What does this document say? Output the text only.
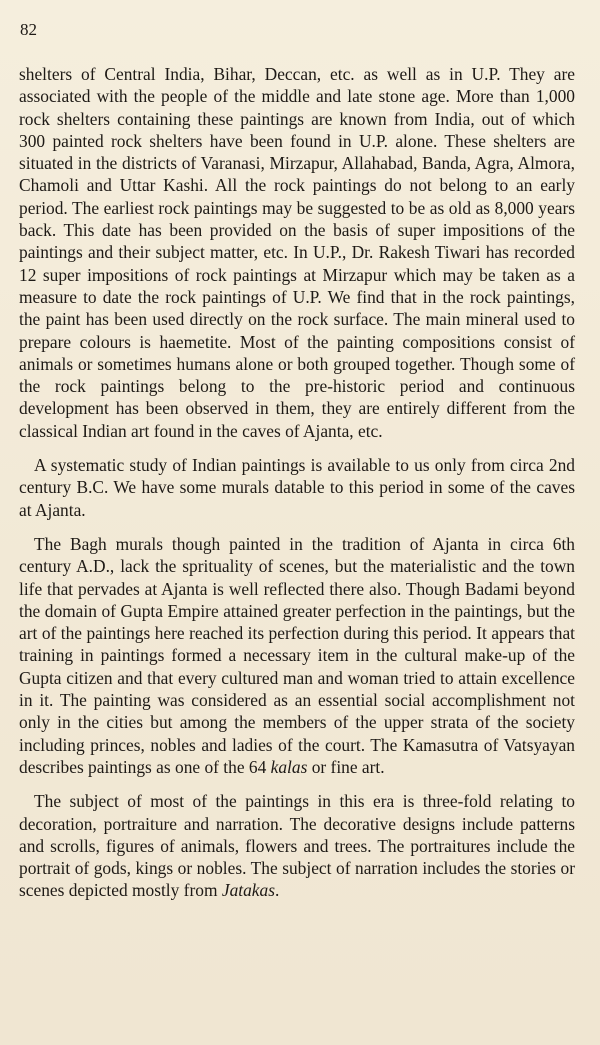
82

shelters of Central India, Bihar, Deccan, etc. as well as in U.P. They are associated with the people of the middle and late stone age. More than 1,000 rock shelters containing these paintings are known from India, out of which 300 painted rock shelters have been found in U.P. alone. These shelters are situated in the districts of Varanasi, Mirzapur, Allahabad, Banda, Agra, Almora, Chamoli and Uttar Kashi. All the rock paintings do not belong to an early period. The earliest rock paintings may be suggested to be as old as 8,000 years back. This date has been provided on the basis of super impositions of the paintings and their subject matter, etc. In U.P., Dr. Rakesh Tiwari has recorded 12 super impositions of rock paintings at Mirzapur which may be taken as a measure to date the rock paintings of U.P. We find that in the rock paintings, the paint has been used directly on the rock surface. The main mineral used to prepare colours is haemetite. Most of the painting compositions consist of animals or sometimes humans alone or both grouped together. Though some of the rock paintings belong to the pre-historic period and continuous development has been observed in them, they are entirely different from the classical Indian art found in the caves of Ajanta, etc.

A systematic study of Indian paintings is available to us only from circa 2nd century B.C. We have some murals datable to this period in some of the caves at Ajanta.

The Bagh murals though painted in the tradition of Ajanta in circa 6th century A.D., lack the sprituality of scenes, but the materialistic and the town life that pervades at Ajanta is well reflected there also. Though Badami beyond the domain of Gupta Empire attained greater perfection in the paintings, but the art of the paintings here reached its perfection during this period. It appears that training in paintings formed a necessary item in the cultural make-up of the Gupta citizen and that every cultured man and woman tried to attain excellence in it. The painting was considered as an essential social accomplishment not only in the cities but among the members of the upper strata of the society including princes, nobles and ladies of the court. The Kamasutra of Vatsyayan describes paintings as one of the 64 kalas or fine art.

The subject of most of the paintings in this era is three-fold relating to decoration, portraiture and narration. The decorative designs include patterns and scrolls, figures of animals, flowers and trees. The portraitures include the portrait of gods, kings or nobles. The subject of narration includes the stories or scenes depicted mostly from Jatakas.
